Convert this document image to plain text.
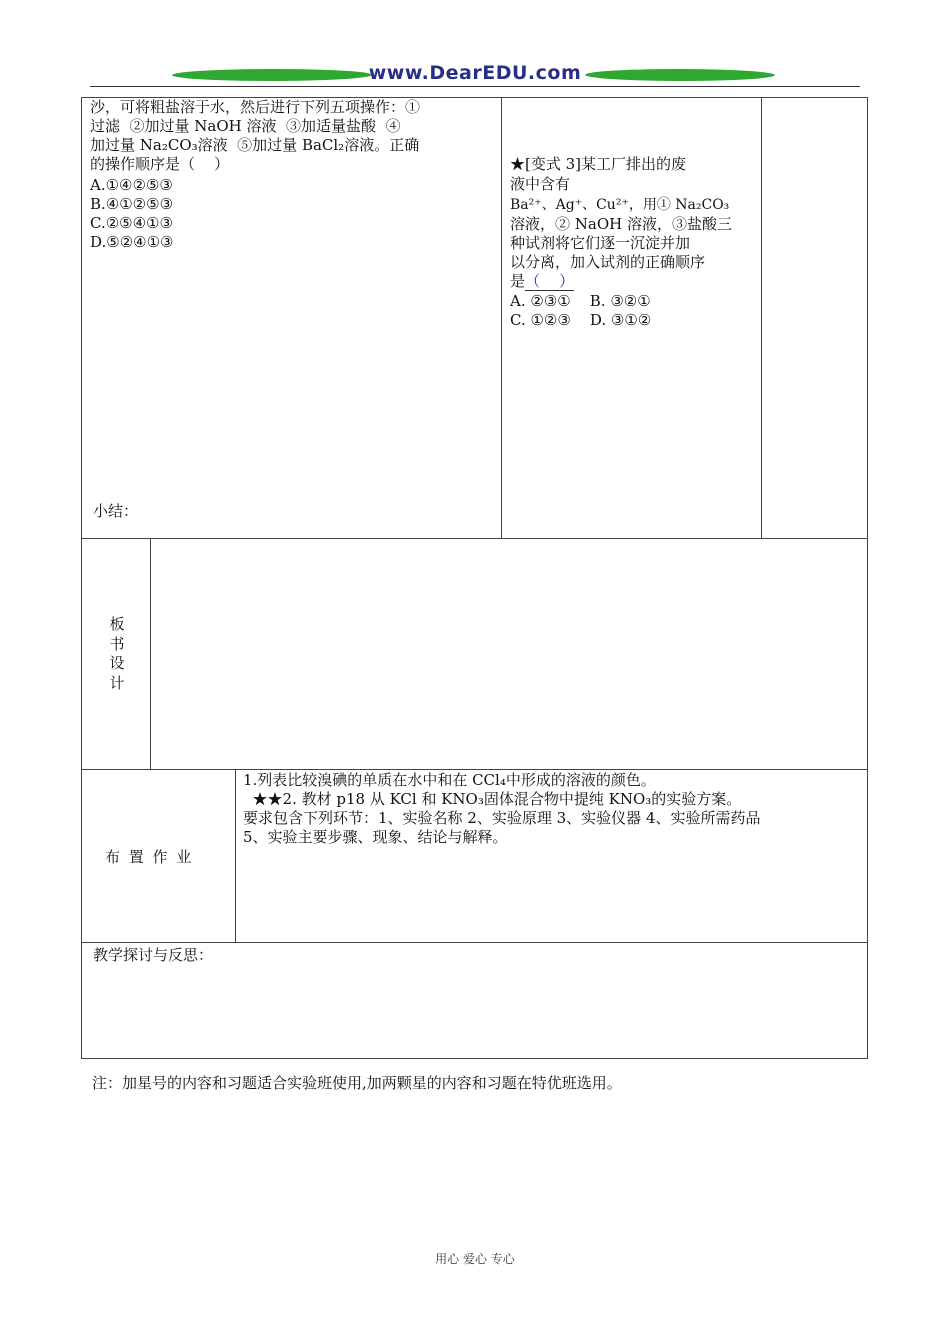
www.DearEDU.com
沙，可将粗盐溶于水，然后进行下列五项操作：①
过滤  ②加过量 NaOH 溶液  ③加适量盐酸  ④
加过量 Na₂CO₃溶液  ⑤加过量 BaCl₂溶液。正确
的操作顺序是（    ）
A.①④②⑤③
B.④①②⑤③
C.②⑤④①③
D.⑤②④①③
小结：
★[变式 3]某工厂排出的废
液中含有
Ba²⁺、Ag⁺、Cu²⁺，用① Na₂CO₃
溶液，② NaOH 溶液，③盐酸三
种试剂将它们逐一沉淀并加
以分离，加入试剂的正确顺序
是（    ）
A. ②③①    B. ③②①
C. ①②③    D. ③①②
板
书
设
计
布 置 作 业
1.列表比较溴碘的单质在水中和在 CCl₄中形成的溶液的颜色。
★★2. 教材 p18 从 KCl 和 KNO₃固体混合物中提纯 KNO₃的实验方案。
要求包含下列环节：1、实验名称 2、实验原理 3、实验仪器 4、实验所需药品
5、实验主要步骤、现象、结论与解释。
教学探讨与反思：
注：加星号的内容和习题适合实验班使用,加两颗星的内容和习题在特优班选用。
用心 爱心 专心
